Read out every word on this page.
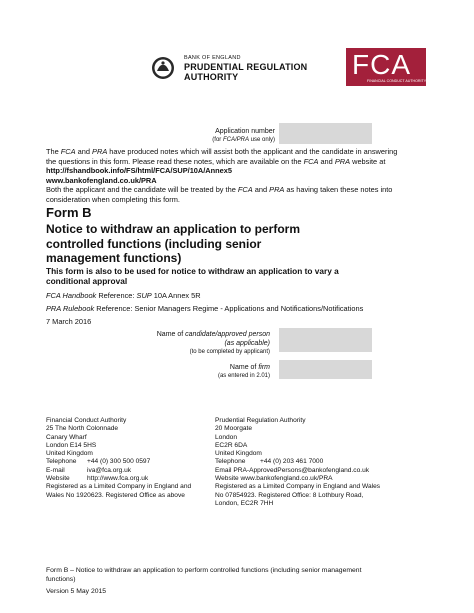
BANK OF ENGLAND
PRUDENTIAL REGULATION
AUTHORITY	FCA
FINANCIAL CONDUCT AUTHORITY
Application number
(for FCA/PRA use only)
The FCA and PRA have produced notes which will assist both the applicant and the candidate in answering
the questions in this form. Please read these notes, which are available on the FCA and PRA website at
http://fshandbook.info/FS/html/FCA/SUP/10A/Annex5
www.bankofengland.co.uk/PRA
Both the applicant and the candidate will be treated by the FCA and PRA as having taken these notes into
consideration when completing this form.
Form B
Notice to withdraw an application to perform
controlled functions (including senior
management functions)
This form is also to be used for notice to withdraw an application to vary a
conditional approval
FCA Handbook Reference: SUP 10A Annex 5R
PRA Rulebook Reference: Senior Managers Regime - Applications and Notifications/Notifications
7 March 2016
Name of candidate/approved person
(as applicable)
(to be completed by applicant)
Name of firm
(as entered in 2.01)
Financial Conduct Authority
25 The North Colonnade
Canary Wharf
London E14 5HS
United Kingdom
Telephone +44 (0) 300 500 0597
E-mail	iva@fca.org.uk
Website	http://www.fca.org.uk
Registered as a Limited Company in England and
Wales No 1920623. Registered Office as above
Prudential Regulation Authority
20 Moorgate
London
EC2R 6DA
United Kingdom
Telephone +44 (0) 203 461 7000
Email PRA-ApprovedPersons@bankofengland.co.uk
Website www.bankofengland.co.uk/PRA
Registered as a Limited Company in England and Wales
No 07854923. Registered Office: 8 Lothbury Road,
London, EC2R 7HH
Form B – Notice to withdraw an application to perform controlled functions (including senior management
functions)
Version 5 May 2015
